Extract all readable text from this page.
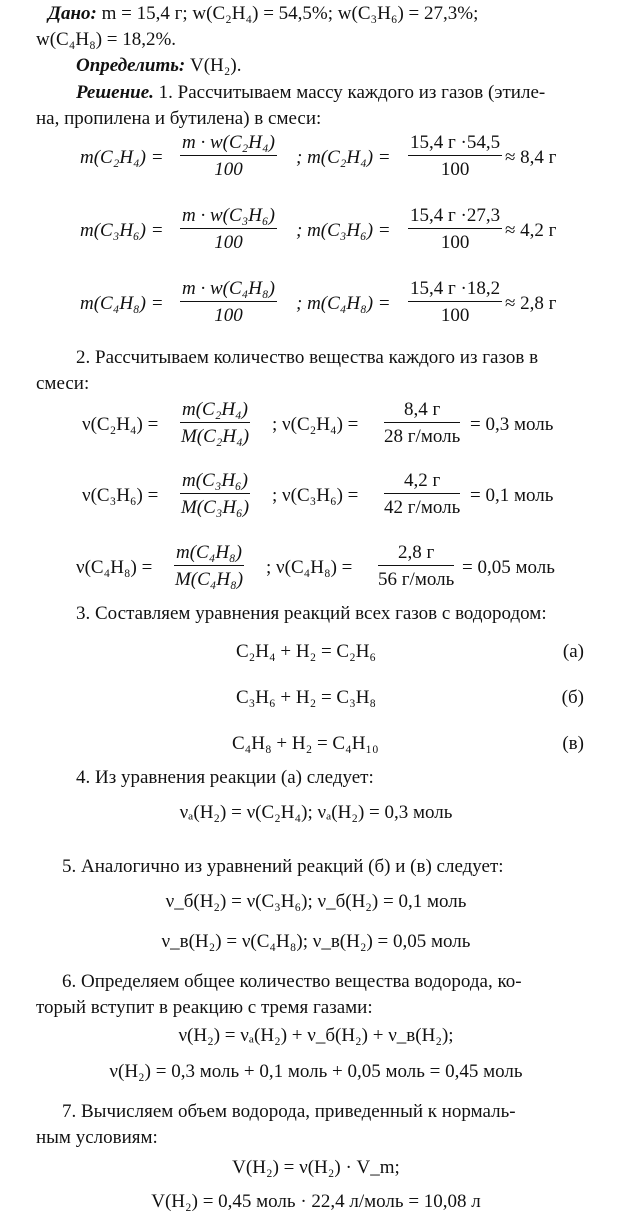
Дано: m = 15,4 г; w(C₂H₄) = 54,5%; w(C₃H₆) = 27,3%;
w(C₄H₈) = 18,2%.
Определить: V(H₂).
Решение. 1. Рассчитываем массу каждого из газов (этиле-
на, пропилена и бутилена) в смеси:
$m(C_2H_4) = \frac{\text{m · w(C₂H₄)}}{100}$ ; m(C₂H₄) =
15,4 г ·54,5
100
≈ 8,4 г
$m(C_3H_6) = \frac{\text{m · w(C₃H₆)}}{100}$ ; m(C₃H₆) =
15,4 г ·27,3
100
≈ 4,2 г
$m(C_4H_8) = \frac{\text{m · w(C₄H₈)}}{100}$ ; m(C₄H₈) =
15,4 г ·18,2
100
≈ 2,8 г
2. Рассчитываем количество вещества каждого из газов в
смеси:
$\nu(C_2H_4) = \frac{\text{m(C₂H₄)}}{\text{M(C₂H₄)}}$ ; ν(C₂H₄) =
8,4 г
28 г/моль
= 0,3 моль
$\nu(C_3H_6) = \frac{\text{m(C₃H₆)}}{\text{M(C₃H₆)}}$ ; ν(C₃H₆) =
4,2 г
42 г/моль
= 0,1 моль
$\nu(C_4H_8) = \frac{\text{m(C₄H₈)}}{\text{M(C₄H₈)}}$ ; ν(C₄H₈) =
2,8 г
56 г/моль
= 0,05 моль
3. Составляем уравнения реакций всех газов с водородом:
C₂H₄ + H₂ = C₂H₆	(а)
C₃H₆ + H₂ = C₃H₈	(б)
C₄H₈ + H₂ = C₄H₁₀	(в)
4. Из уравнения реакции (а) следует:
νₐ(H₂) = ν(C₂H₄); νₐ(H₂) = 0,3 моль
5. Аналогично из уравнений реакций (б) и (в) следует:
ν_б(H₂) = ν(C₃H₆); ν_б(H₂) = 0,1 моль
ν_в(H₂) = ν(C₄H₈); ν_в(H₂) = 0,05 моль
6. Определяем общее количество вещества водорода, ко-
торый вступит в реакцию с тремя газами:
ν(H₂) = νₐ(H₂) + ν_б(H₂) + ν_в(H₂);
ν(H₂) = 0,3 моль + 0,1 моль + 0,05 моль = 0,45 моль
7. Вычисляем объем водорода, приведенный к нормаль-
ным условиям:
V(H₂) = ν(H₂) · V_m;
V(H₂) = 0,45 моль · 22,4 л/моль = 10,08 л
